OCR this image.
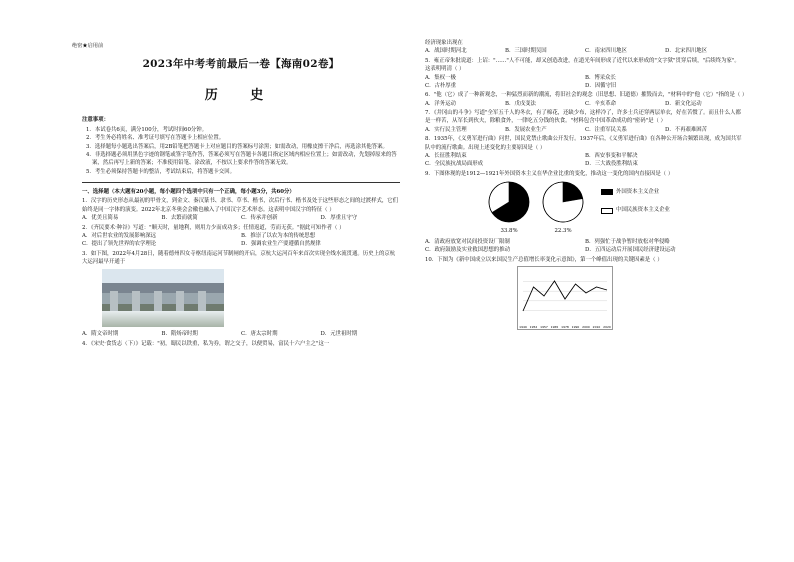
绝密★启用前
2023年中考考前最后一卷【海南02卷】
历 史
注意事项：
1．本试卷共6页，满分100分，考试时间60分钟。
2．考生务必将姓名、准考证号填写在答题卡上相应位置。
3．选择题每小题选出答案后，用2B铅笔把答题卡上对应题目的答案标号涂黑；如需改动，用橡皮擦干净后，再选涂其他答案。
4．非选择题必须用黑色字迹的钢笔或签字笔作答，答案必须写在答题卡各题目指定区域内相应位置上；如需改动，先划掉原来的答案，然后再写上新的答案；不准使用铅笔、涂改液，不按以上要求作答的答案无效。
5．考生必须保持答题卡的整洁，考试结束后，将答题卡交回。
一、选择题（本大题有20小题，每小题四个选项中只有一个正确，每小题3分，共60分）

1．汉字的历史形态从最初的甲骨文，到金文、秦汉篆书、隶书、草书、楷书，次后行书、楷书及处于这些形态之间的过渡样式，它们始终是同一字体的演变。2022年北京冬奥会会徽也融入了中国汉字艺术形态。这表明中国汉字的特征（ ）

A．优美且简易	B．去繁而就简	C．传承并创新	D．厚重且守守

2．《齐民要术·种谷》写道："顺天时，量地利，则用力少而成功多；任情返道，劳而无获。"据此可知作者（ ）

A．对后世农业的发展影响深远	B．推崇了以农为本的传统思想
C．提出了领先世界的农学理论	D．强调农业生产要遵循自然规律

3．如下图，2022年4月28日，随着德州四女寺枢纽南运河节制闸的开启，京杭大运河百年来首次实现全线水流贯通。历史上的京杭大运河最早开通于

A．隋文帝时期	B．隋炀帝时期	C．唐太宗时期	D．元世祖时期

4．《宋史·食货志（下）》记载："初，蜀民以铁重，私为券，谓之交子，以便贸易，富民十六户主之"这一

经济现象出现在

A．战国时期河北	B．三国时期吴国	C．南宋四川地区	D．北宋四川地区

5．雍正帝朱批说道：上诏："……"人不可能，却又创造改进，在道光年间形成了近代以来形成的"文字狱"贯穿后续，"后续终为家"。这表明明清（ ）

A．集权一极	B．博采众长
C．古朴厚重	D．因循守旧

6．"他（它）成了一种新观念，一种猛烈而新的潮流，将旧社会的观念（旧思想、旧道德）摧毁而去，"材料中的"他（它）"指的是（ ）

A．洋务运动	B．戊戌变法	C．辛亥革命	D．新文化运动

7．《井冈山的斗争》写道"全军五千人的冬衣，有了棉花，还缺少布，这样冷了，许多士兵还穿两层单衣，好在苦惯了。而且什么人都是一样苦，从军长到伙夫，除粮食外，一律吃五分钱的伙食。"材料包含中国革命成功的"密码"是（ ）

A．实行民主管理	B．发展农业生产	C．注重军民关系	D．不再艰难困苦

8．1935年，《义勇军进行曲》问世，国民党禁止歌曲公开发行。1937年后，《义勇军进行曲》在各种公开场合频繁出现，成为国共军队中的流行歌曲。出现上述变化的主要原因是（ ）

A．长征胜利结束	B．西安事变和平解决
C．全民族抗战局面形成	D．三大战役胜利结束

9．下图体现的是1912—1921年外国资本主义在华企业比重的变化，推动这一变化的国内直接因是（ ）

33.8%	22.3%
外国资本主义企业
中国民族资本主义企业
A．清政府放宽对民间投资设厂限制	B．列强忙于战争暂时放松对华侵略
C．政府鼓励及实业救国思想的推动	D．五四运动后开展国民经济建设运动

10．下图为《新中国成立以来国民生产总值增长率变化示意图》，第一个峰值出现的关键因素是（ ）

1949 1952 1957 1965 1978 1990 2000 2010 2020
